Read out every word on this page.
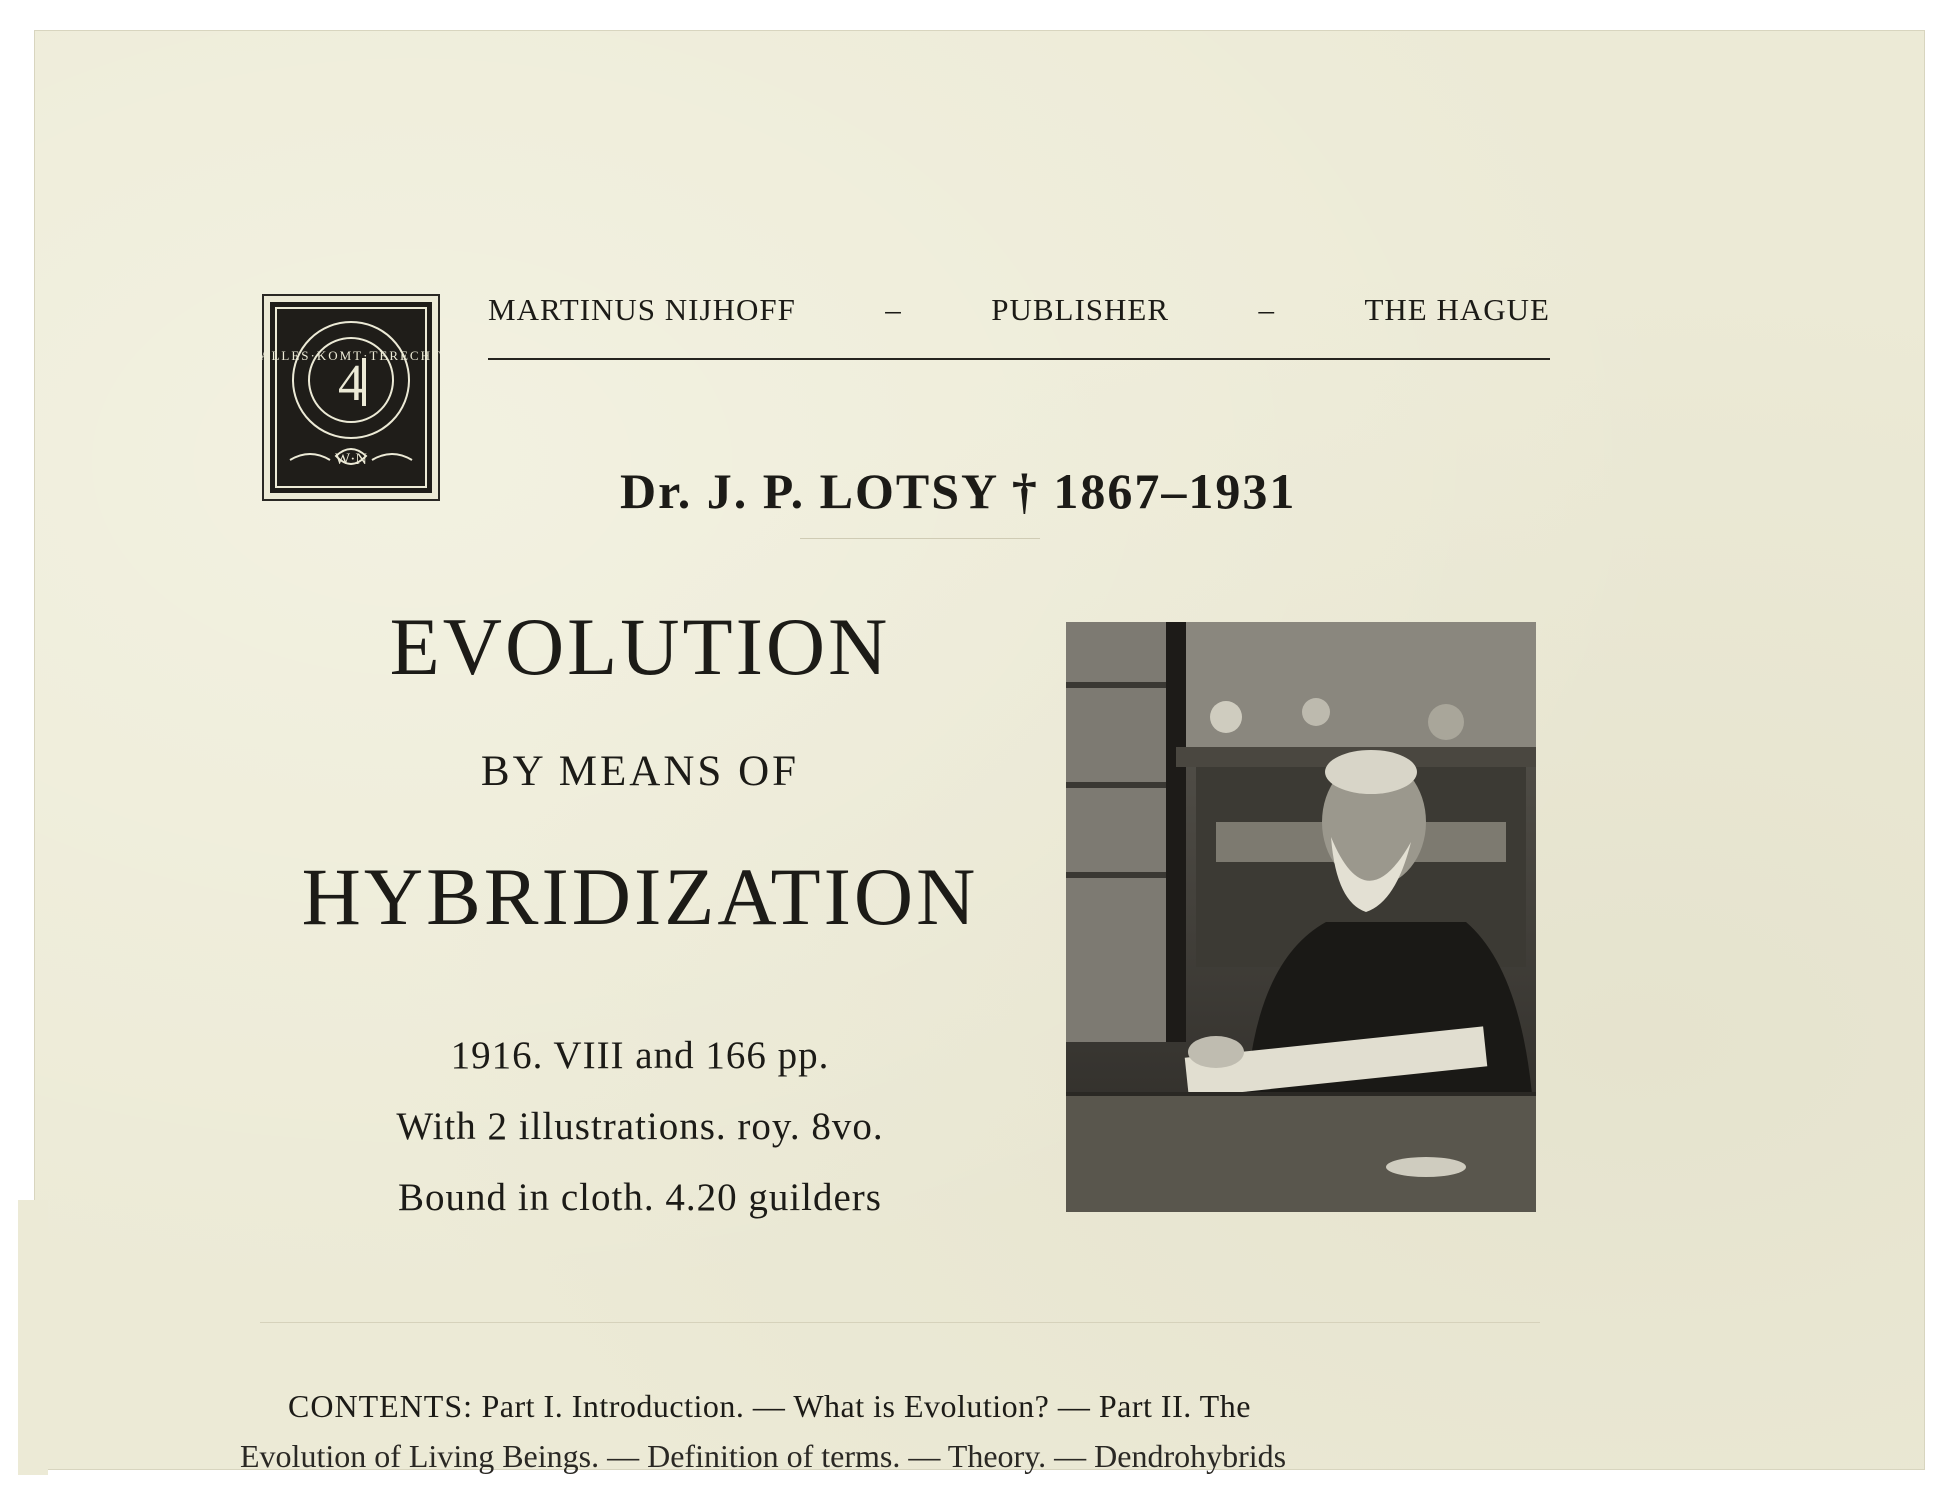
ALLES·KOMT·TERECHT
4
W·N
MARTINUS NIJHOFF	–	PUBLISHER	–	THE HAGUE
Dr. J. P. LOTSY † 1867–1931
EVOLUTION
BY MEANS OF
HYBRIDIZATION
1916. VIII and 166 pp.
With 2 illustrations. roy. 8vo.
Bound in cloth. 4.20 guilders
CONTENTS: Part I. Introduction. — What is Evolution? — Part II. The
Evolution of Living Beings. — Definition of terms. — Theory. — Dendrohybrids
